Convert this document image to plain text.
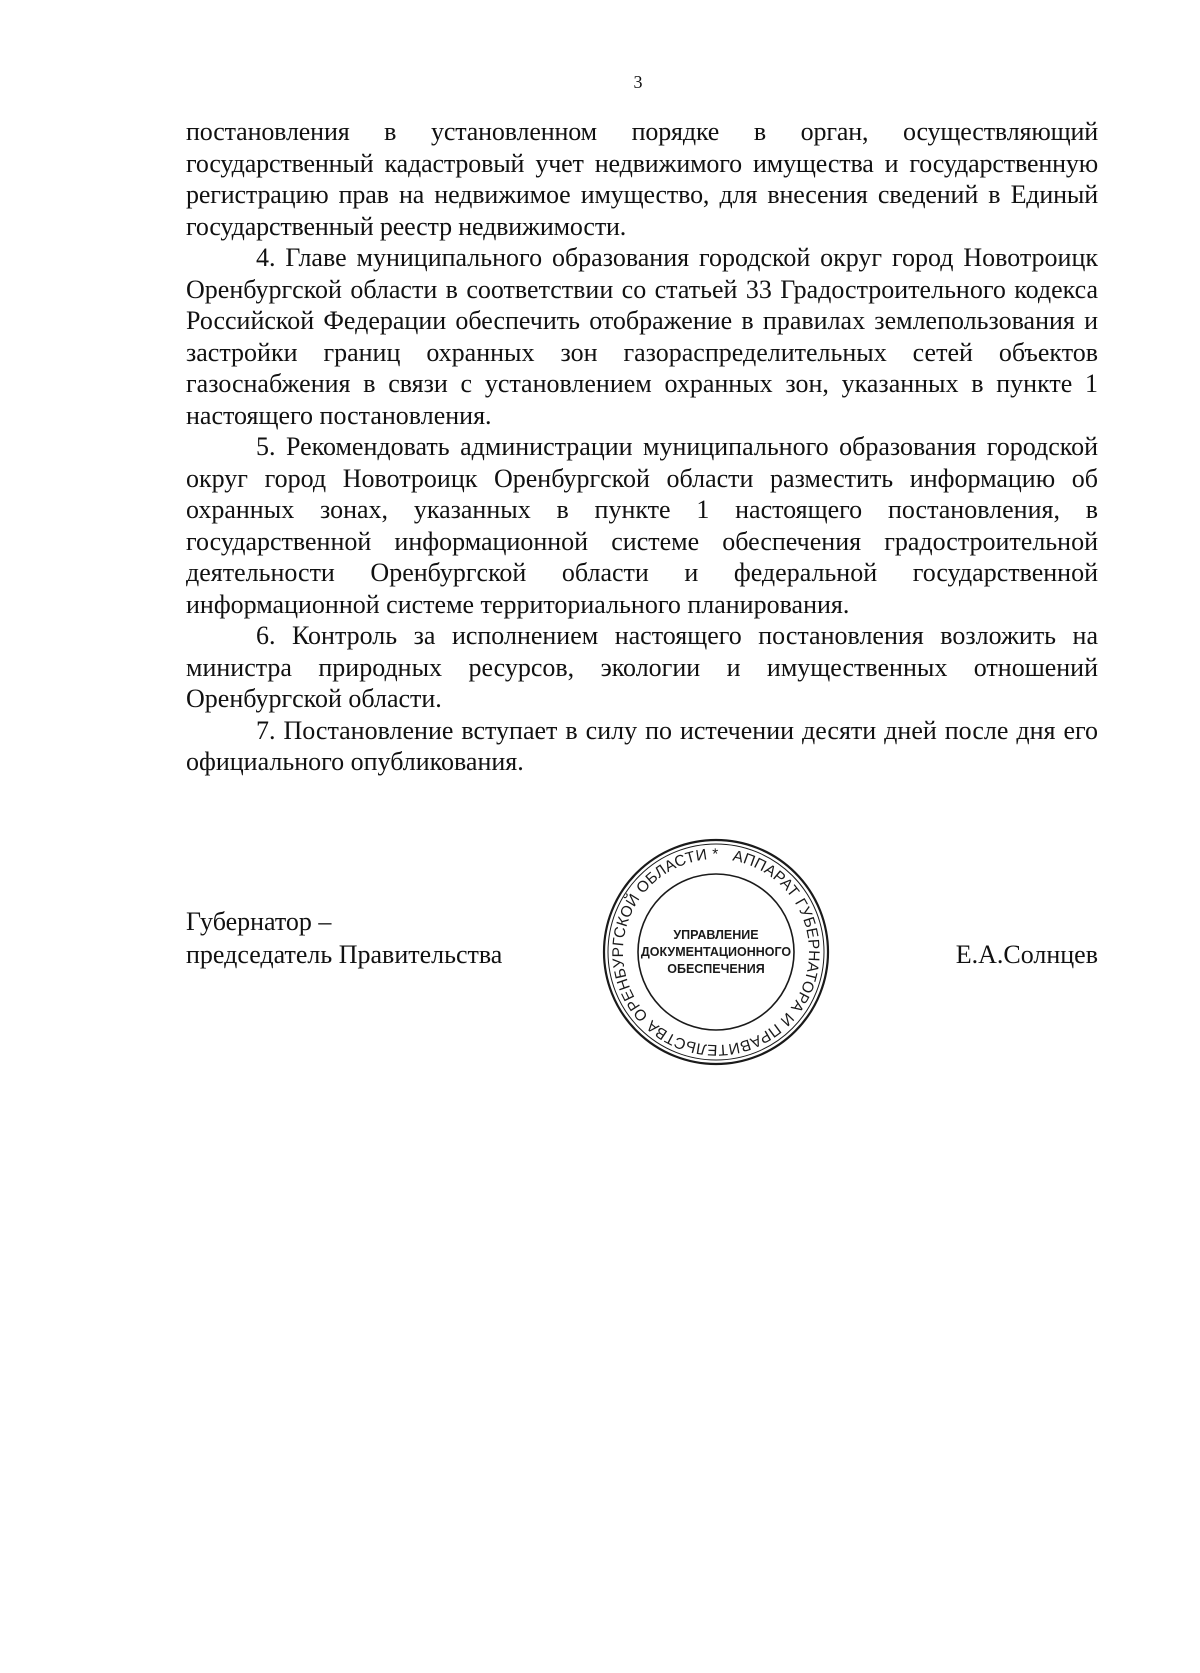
3

постановления в установленном порядке в орган, осуществляющий государственный кадастровый учет недвижимого имущества и государственную регистрацию прав на недвижимое имущество, для внесения сведений в Единый государственный реестр недвижимости.

4. Главе муниципального образования городской округ город Новотроицк Оренбургской области в соответствии со статьей 33 Градостроительного кодекса Российской Федерации обеспечить отображение в правилах землепользования и застройки границ охранных зон газораспределительных сетей объектов газоснабжения в связи с установлением охранных зон, указанных в пункте 1 настоящего постановления.

5. Рекомендовать администрации муниципального образования городской округ город Новотроицк Оренбургской области разместить информацию об охранных зонах, указанных в пункте 1 настоящего постановления, в государственной информационной системе обеспечения градостроительной деятельности Оренбургской области и федеральной государственной информационной системе территориального планирования.

6. Контроль за исполнением настоящего постановления возложить на министра природных ресурсов, экологии и имущественных отношений Оренбургской области.

7. Постановление вступает в силу по истечении десяти дней после дня его официального опубликования.

Губернатор –
председатель Правительства
АППАРАТ ГУБЕРНАТОРА И ПРАВИТЕЛЬСТВА ОРЕНБУРГСКОЙ ОБЛАСТИ *
УПРАВЛЕНИЕ
ДОКУМЕНТАЦИОННОГО
ОБЕСПЕЧЕНИЯ	Е.А.Солнцев
